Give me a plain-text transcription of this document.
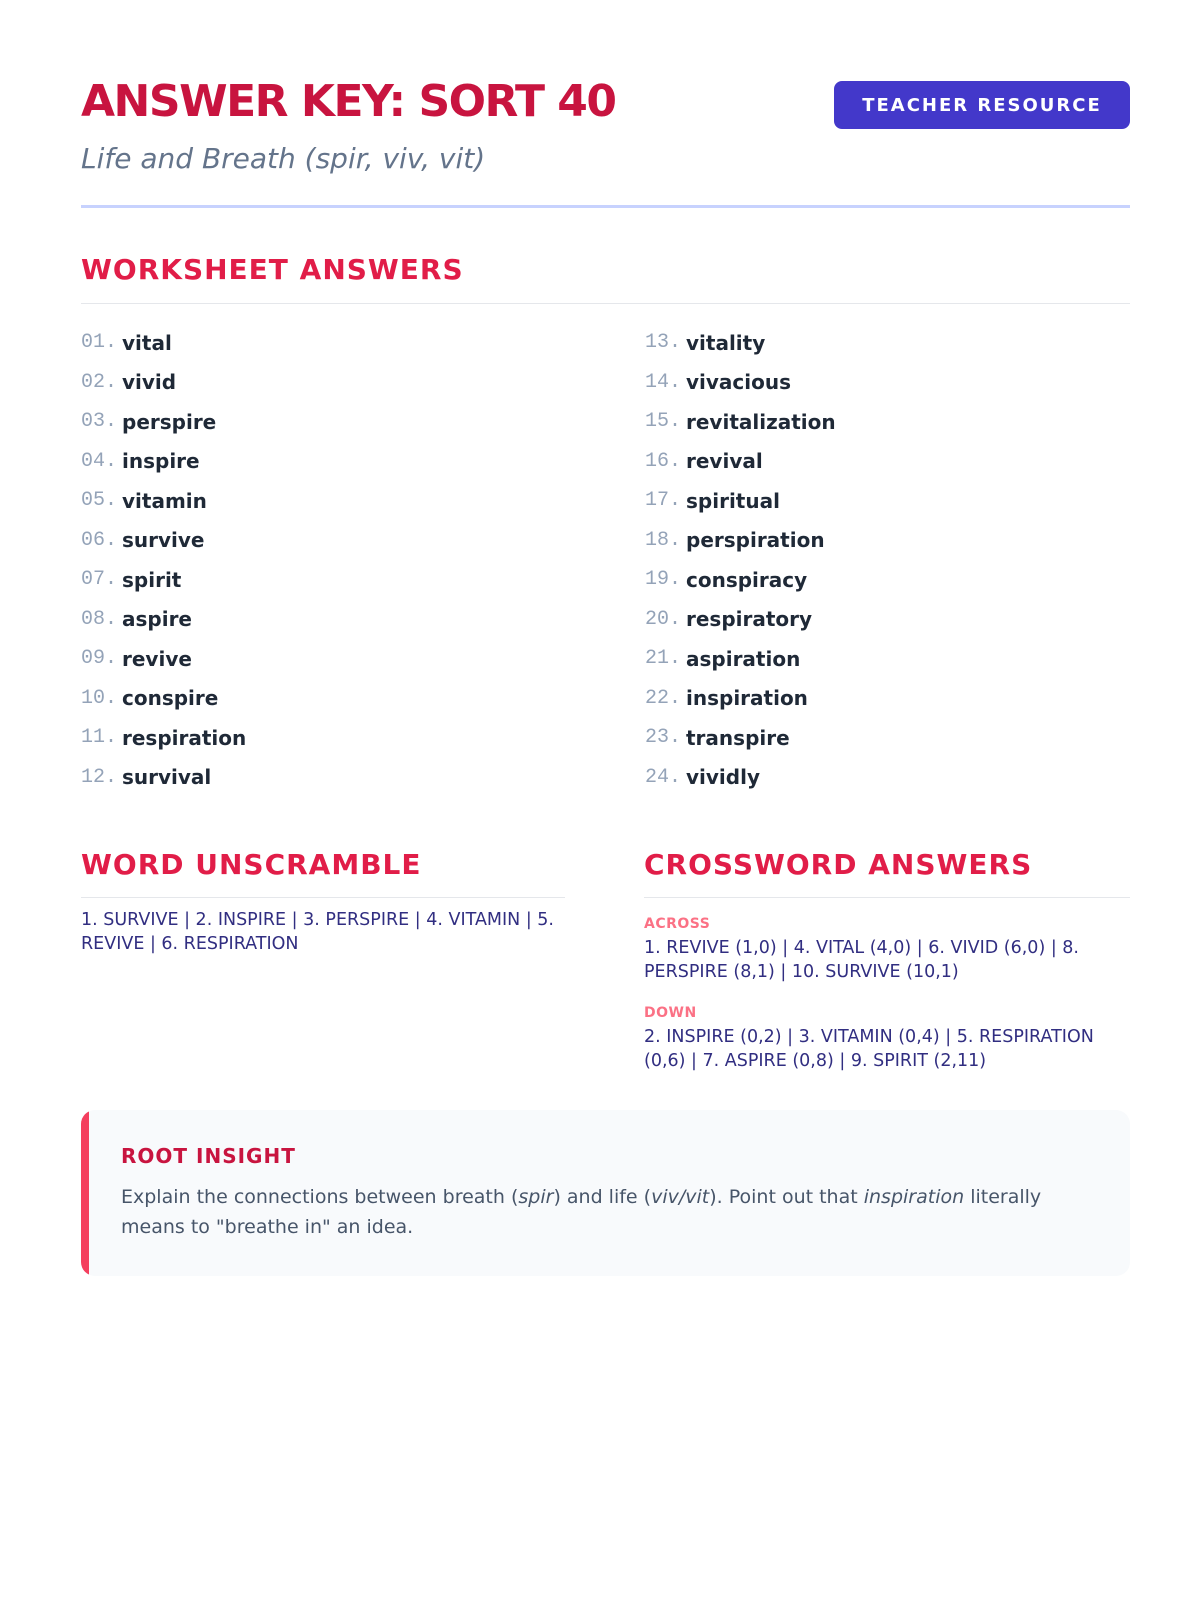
ANSWER KEY: SORT 40

Life and Breath (spir, viv, vit)

TEACHER RESOURCE
WORKSHEET ANSWERS
01. vital
02. vivid
03. perspire
04. inspire
05. vitamin
06. survive
07. spirit
08. aspire
09. revive
10. conspire
11. respiration
12. survival
13. vitality
14. vivacious
15. revitalization
16. revival
17. spiritual
18. perspiration
19. conspiracy
20. respiratory
21. aspiration
22. inspiration
23. transpire
24. vividly
WORD UNSCRAMBLE

1. SURVIVE | 2. INSPIRE | 3. PERSPIRE | 4. VITAMIN | 5. REVIVE | 6. RESPIRATION

CROSSWORD ANSWERS

ACROSS

1. REVIVE (1,0) | 4. VITAL (4,0) | 6. VIVID (6,0) | 8. PERSPIRE (8,1) | 10. SURVIVE (10,1)

DOWN

2. INSPIRE (0,2) | 3. VITAMIN (0,4) | 5. RESPIRATION (0,6) | 7. ASPIRE (0,8) | 9. SPIRIT (2,11)

ROOT INSIGHT

Explain the connections between breath (spir) and life (viv/vit). Point out that inspiration literally means to "breathe in" an idea.
